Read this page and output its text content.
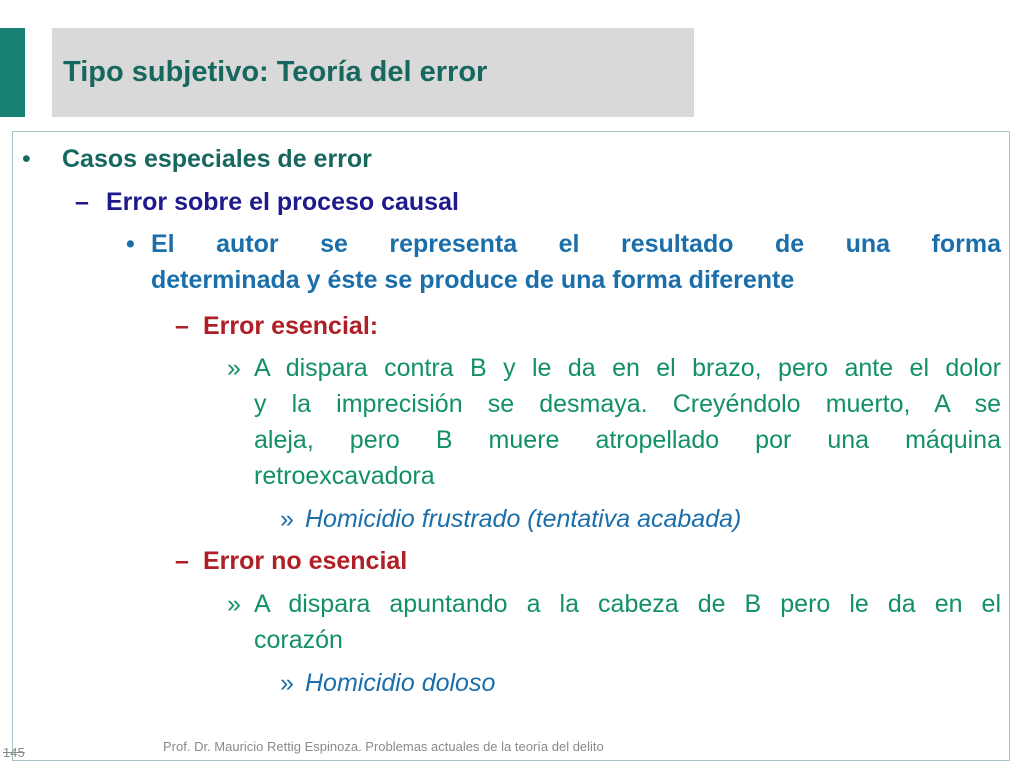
Tipo subjetivo: Teoría del error
• Casos especiales de error
– Error sobre el proceso causal
• El autor se representa el resultado de una forma
determinada y éste se produce de una forma diferente
– Error esencial:
» A dispara contra B y le da en el brazo, pero ante el dolor
y la imprecisión se desmaya. Creyéndolo muerto, A se
aleja, pero B muere atropellado por una máquina
retroexcavadora
» Homicidio frustrado (tentativa acabada)
– Error no esencial
» A dispara apuntando a la cabeza de B pero le da en el
corazón
» Homicidio doloso
Prof. Dr. Mauricio Rettig Espinoza. Problemas actuales de la teoría del delito
145
